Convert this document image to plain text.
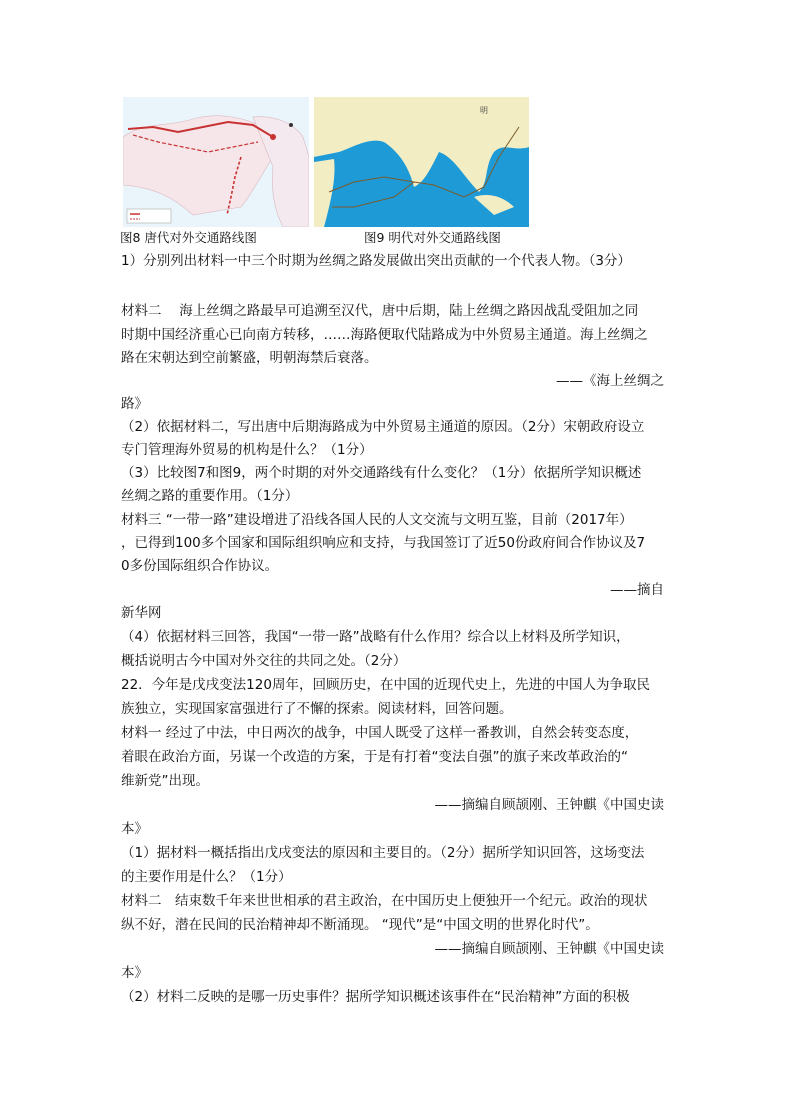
明
图8 唐代对外交通路线图	图9 明代对外交通路线图
1）分别列出材料一中三个时期为丝绸之路发展做出突出贡献的一个代表人物。（3分）
材料二　 海上丝绸之路最早可追溯至汉代，唐中后期，陆上丝绸之路因战乱受阻加之同
时期中国经济重心已向南方转移，……海路便取代陆路成为中外贸易主通道。海上丝绸之
路在宋朝达到空前繁盛，明朝海禁后衰落。
——《海上丝绸之
路》
（2）依据材料二，写出唐中后期海路成为中外贸易主通道的原因。（2分）宋朝政府设立
专门管理海外贸易的机构是什么？（1分）
（3）比较图7和图9，两个时期的对外交通路线有什么变化？（1分）依据所学知识概述
丝绸之路的重要作用。（1分）
材料三 “一带一路”建设增进了沿线各国人民的人文交流与文明互鉴，目前（2017年）
，已得到100多个国家和国际组织响应和支持，与我国签订了近50份政府间合作协议及7
0多份国际组织合作协议。
——摘自
新华网
（4）依据材料三回答，我国“一带一路”战略有什么作用？综合以上材料及所学知识，
概括说明古今中国对外交往的共同之处。（2分）
22．今年是戊戌变法120周年，回顾历史，在中国的近现代史上，先进的中国人为争取民
族独立，实现国家富强进行了不懈的探索。阅读材料，回答问题。
材料一 经过了中法，中日两次的战争，中国人既受了这样一番教训，自然会转变态度，
着眼在政治方面，另谋一个改造的方案，于是有打着“变法自强”的旗子来改革政治的“
维新党”出现。
——摘编自顾颉刚、王钟麒《中国史读
本》
（1）据材料一概括指出戊戌变法的原因和主要目的。（2分）据所学知识回答，这场变法
的主要作用是什么？（1分）
材料二　结束数千年来世世相承的君主政治，在中国历史上便独开一个纪元。政治的现状
纵不好，潜在民间的民治精神却不断涌现。 “现代”是“中国文明的世界化时代”。
——摘编自顾颉刚、王钟麒《中国史读
本》
（2）材料二反映的是哪一历史事件？据所学知识概述该事件在“民治精神”方面的积极
